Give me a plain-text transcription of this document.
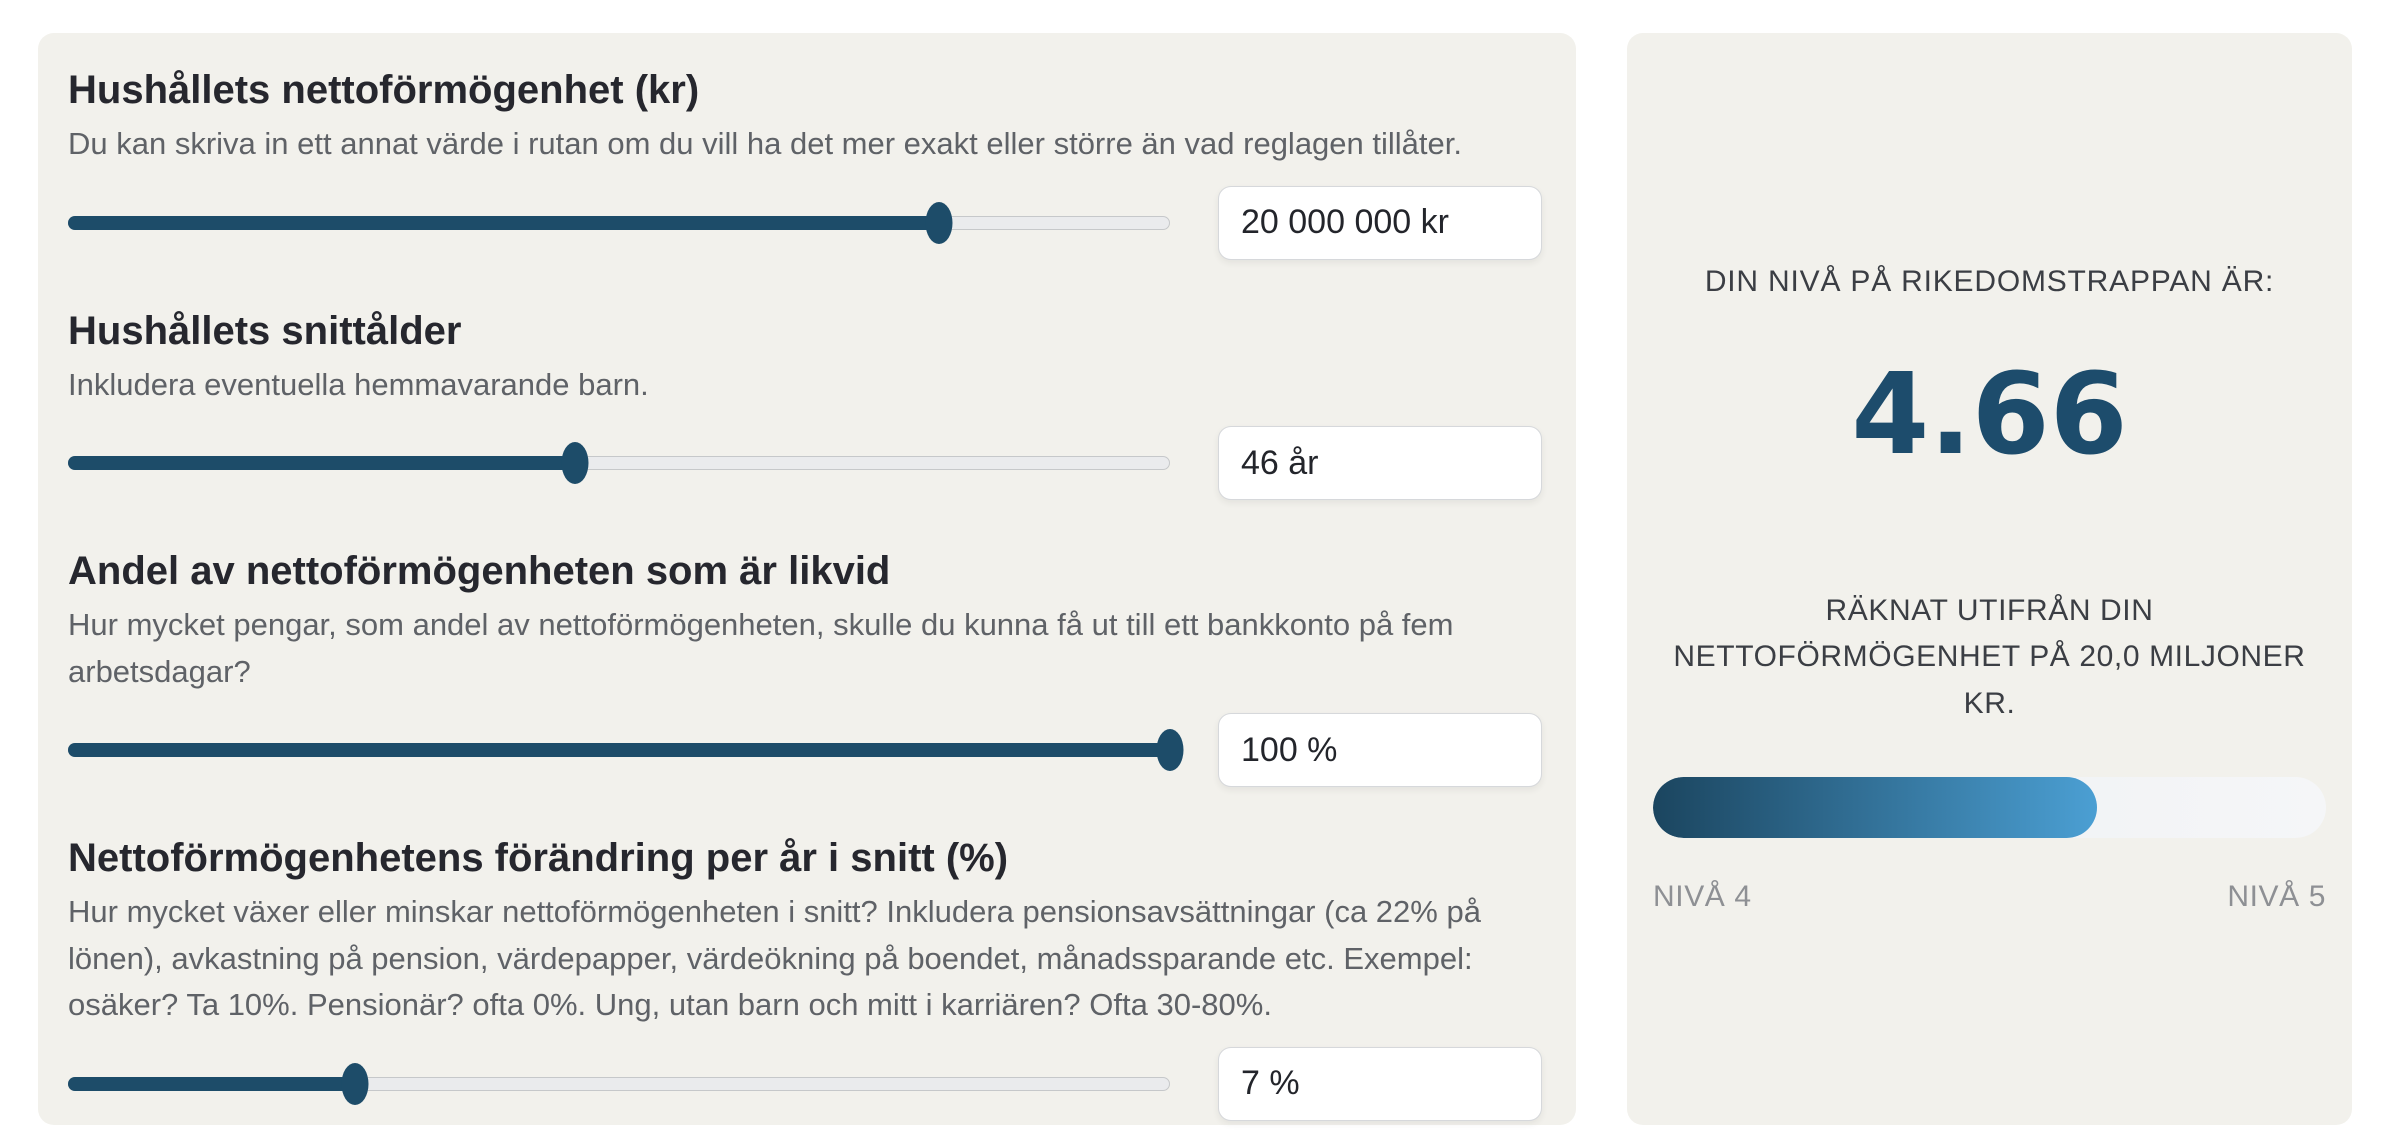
Hushållets nettoförmögenhet (kr)

Du kan skriva in ett annat värde i rutan om du vill ha det mer exakt eller större än vad reglagen tillåter.

20 000 000 kr
Hushållets snittålder

Inkludera eventuella hemmavarande barn.

46 år
Andel av nettoförmögenheten som är likvid

Hur mycket pengar, som andel av nettoförmögenheten, skulle du kunna få ut till ett bankkonto på fem arbetsdagar?

100 %
Nettoförmögenhetens förändring per år i snitt (%)

Hur mycket växer eller minskar nettoförmögenheten i snitt? Inkludera pensionsavsättningar (ca 22% på lönen), avkastning på pension, värdepapper, värdeökning på boendet, månadssparande etc. Exempel: osäker? Ta 10%. Pensionär? ofta 0%. Ung, utan barn och mitt i karriären? Ofta 30-80%.

7 %
DIN NIVÅ PÅ RIKEDOMSTRAPPAN ÄR:
4.66
RÄKNAT UTIFRÅN DIN NETTOFÖRMÖGENHET PÅ 20,0 MILJONER KR.
NIVÅ 4	NIVÅ 5
